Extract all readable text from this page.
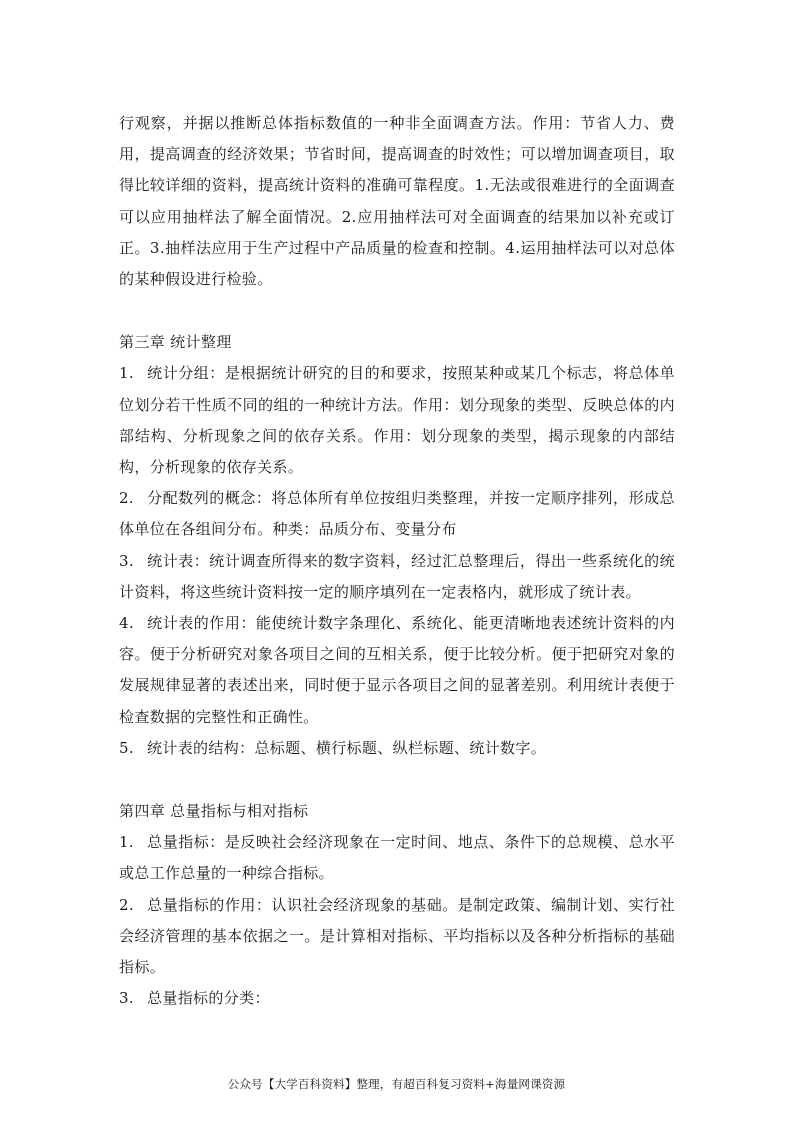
行观察，并据以推断总体指标数值的一种非全面调查方法。作用：节省人力、费用，提高调查的经济效果；节省时间，提高调查的时效性；可以增加调查项目，取得比较详细的资料，提高统计资料的准确可靠程度。1.无法或很难进行的全面调查可以应用抽样法了解全面情况。2.应用抽样法可对全面调查的结果加以补充或订正。3.抽样法应用于生产过程中产品质量的检查和控制。4.运用抽样法可以对总体的某种假设进行检验。

第三章 统计整理

1. 统计分组：是根据统计研究的目的和要求，按照某种或某几个标志，将总体单位划分若干性质不同的组的一种统计方法。作用：划分现象的类型、反映总体的内部结构、分析现象之间的依存关系。作用：划分现象的类型，揭示现象的内部结构，分析现象的依存关系。

2. 分配数列的概念：将总体所有单位按组归类整理，并按一定顺序排列，形成总体单位在各组间分布。种类：品质分布、变量分布

3. 统计表：统计调查所得来的数字资料，经过汇总整理后，得出一些系统化的统计资料，将这些统计资料按一定的顺序填列在一定表格内，就形成了统计表。

4. 统计表的作用：能使统计数字条理化、系统化、能更清晰地表述统计资料的内容。便于分析研究对象各项目之间的互相关系，便于比较分析。便于把研究对象的发展规律显著的表述出来，同时便于显示各项目之间的显著差别。利用统计表便于检查数据的完整性和正确性。

5. 统计表的结构：总标题、横行标题、纵栏标题、统计数字。

第四章 总量指标与相对指标

1. 总量指标：是反映社会经济现象在一定时间、地点、条件下的总规模、总水平或总工作总量的一种综合指标。

2. 总量指标的作用：认识社会经济现象的基础。是制定政策、编制计划、实行社会经济管理的基本依据之一。是计算相对指标、平均指标以及各种分析指标的基础指标。

3. 总量指标的分类：

公众号【大学百科资料】整理，有超百科复习资料+海量网课资源
